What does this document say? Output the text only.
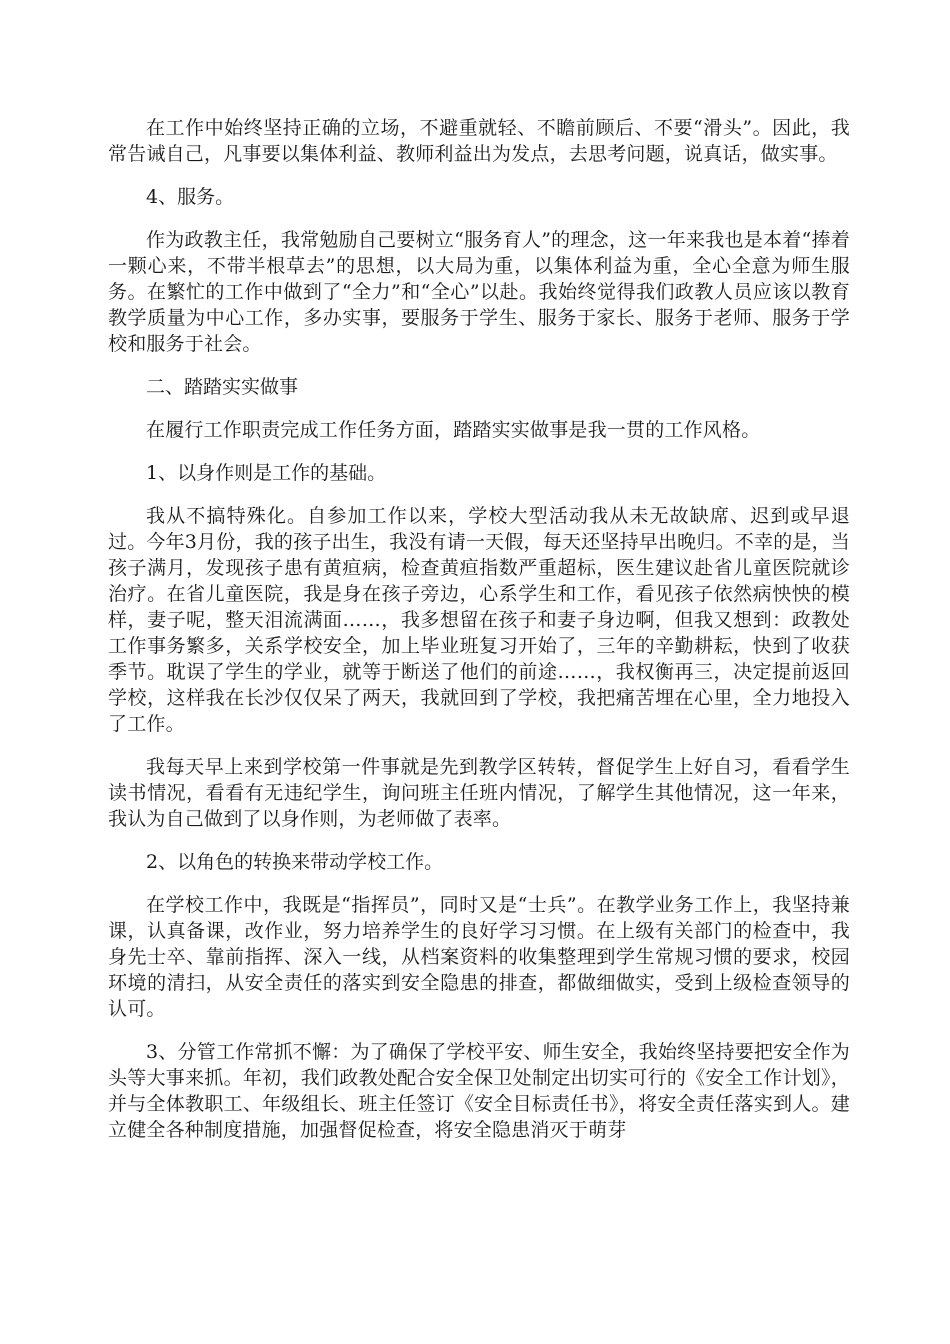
在工作中始终坚持正确的立场，不避重就轻、不瞻前顾后、不要“滑头”。因此，我常告诫自己，凡事要以集体利益、教师利益出为发点，去思考问题，说真话，做实事。

4、服务。

作为政教主任，我常勉励自己要树立“服务育人”的理念，这一年来我也是本着“捧着一颗心来，不带半根草去”的思想，以大局为重，以集体利益为重，全心全意为师生服务。在繁忙的工作中做到了“全力”和“全心”以赴。我始终觉得我们政教人员应该以教育教学质量为中心工作，多办实事，要服务于学生、服务于家长、服务于老师、服务于学校和服务于社会。

二、踏踏实实做事

在履行工作职责完成工作任务方面，踏踏实实做事是我一贯的工作风格。

1、以身作则是工作的基础。

我从不搞特殊化。自参加工作以来，学校大型活动我从未无故缺席、迟到或早退过。今年3月份，我的孩子出生，我没有请一天假，每天还坚持早出晚归。不幸的是，当孩子满月，发现孩子患有黄疸病，检查黄疸指数严重超标，医生建议赴省儿童医院就诊治疗。在省儿童医院，我是身在孩子旁边，心系学生和工作，看见孩子依然病怏怏的模样，妻子呢，整天泪流满面……，我多想留在孩子和妻子身边啊，但我又想到：政教处工作事务繁多，关系学校安全，加上毕业班复习开始了，三年的辛勤耕耘，快到了收获季节。耽误了学生的学业，就等于断送了他们的前途……，我权衡再三，决定提前返回学校，这样我在长沙仅仅呆了两天，我就回到了学校，我把痛苦埋在心里，全力地投入了工作。

我每天早上来到学校第一件事就是先到教学区转转，督促学生上好自习，看看学生读书情况，看看有无违纪学生，询问班主任班内情况，了解学生其他情况，这一年来，我认为自己做到了以身作则，为老师做了表率。

2、以角色的转换来带动学校工作。

在学校工作中，我既是“指挥员”，同时又是“士兵”。在教学业务工作上，我坚持兼课，认真备课，改作业，努力培养学生的良好学习习惯。在上级有关部门的检查中，我身先士卒、靠前指挥、深入一线，从档案资料的收集整理到学生常规习惯的要求，校园环境的清扫，从安全责任的落实到安全隐患的排查，都做细做实，受到上级检查领导的认可。

3、分管工作常抓不懈：为了确保了学校平安、师生安全，我始终坚持要把安全作为头等大事来抓。年初，我们政教处配合安全保卫处制定出切实可行的《安全工作计划》，并与全体教职工、年级组长、班主任签订《安全目标责任书》，将安全责任落实到人。建立健全各种制度措施，加强督促检查，将安全隐患消灭于萌芽
